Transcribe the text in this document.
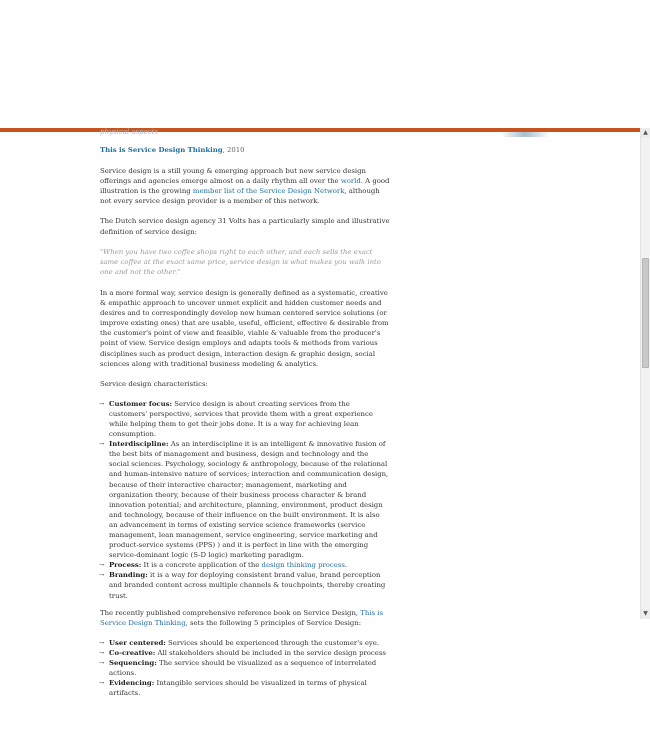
physical aspects

This is Service Design Thinking, 2010

Service design is a still young & emerging approach but new service design offerings and agencies emerge almost on a daily rhythm all over the world. A good illustration is the growing member list of the Service Design Network, although not every service design provider is a member of this network.

The Dutch service design agency 31 Volts has a particularly simple and illustrative definition of service design:

"When you have two coffee shops right to each other, and each sells the exact same coffee at the exact same price, service design is what makes you walk into one and not the other."

In a more formal way, service design is generally defined as a systematic, creative & empathic approach to uncover unmet explicit and hidden customer needs and desires and to correspondingly develop new human centered service solutions (or improve existing ones) that are usable, useful, efficient, effective & desirable from the customer's point of view and feasible, viable & valuable from the producer's point of view. Service design employs and adapts tools & methods from various disciplines such as product design, interaction design & graphic design, social sciences along with traditional business modeling & analytics.

Service design characteristics:

→ Customer focus: Service design is about creating services from the customers' perspective, services that provide them with a great experience while helping them to get their jobs done. It is a way for achieving lean consumption.
→ Interdiscipline: As an interdiscipline it is an intelligent & innovative fusion of the best bits of management and business, design and technology and the social sciences. Psychology, sociology & anthropology, because of the relational and human-intensive nature of services; interaction and communication design, because of their interactive character; management, marketing and organization theory, because of their business process character & brand innovation potential; and architecture, planning, environment, product design and technology, because of their influence on the built environment. It is also an advancement in terms of existing service science frameworks (service management, lean management, service engineering, service marketing and product-service systems (PPS) ) and it is perfect in line with the emerging service-dominant logic (S-D logic) marketing paradigm.
→ Process: It is a concrete application of the design thinking process.
→ Branding: it is a way for deploying consistent brand value, brand perception and branded content across multiple channels & touchpoints, thereby creating trust.

The recently published comprehensive reference book on Service Design, This is Service Design Thinking, sets the following 5 principles of Service Design:

→ User centered: Services should be experienced through the customer's eye.
→ Co-creative: All stakeholders should be included in the service design process
→ Sequencing: The service should be visualized as a sequence of interrelated actions.
→ Evidencing: Intangible services should be visualized in terms of physical artifacts.
▲
▼
